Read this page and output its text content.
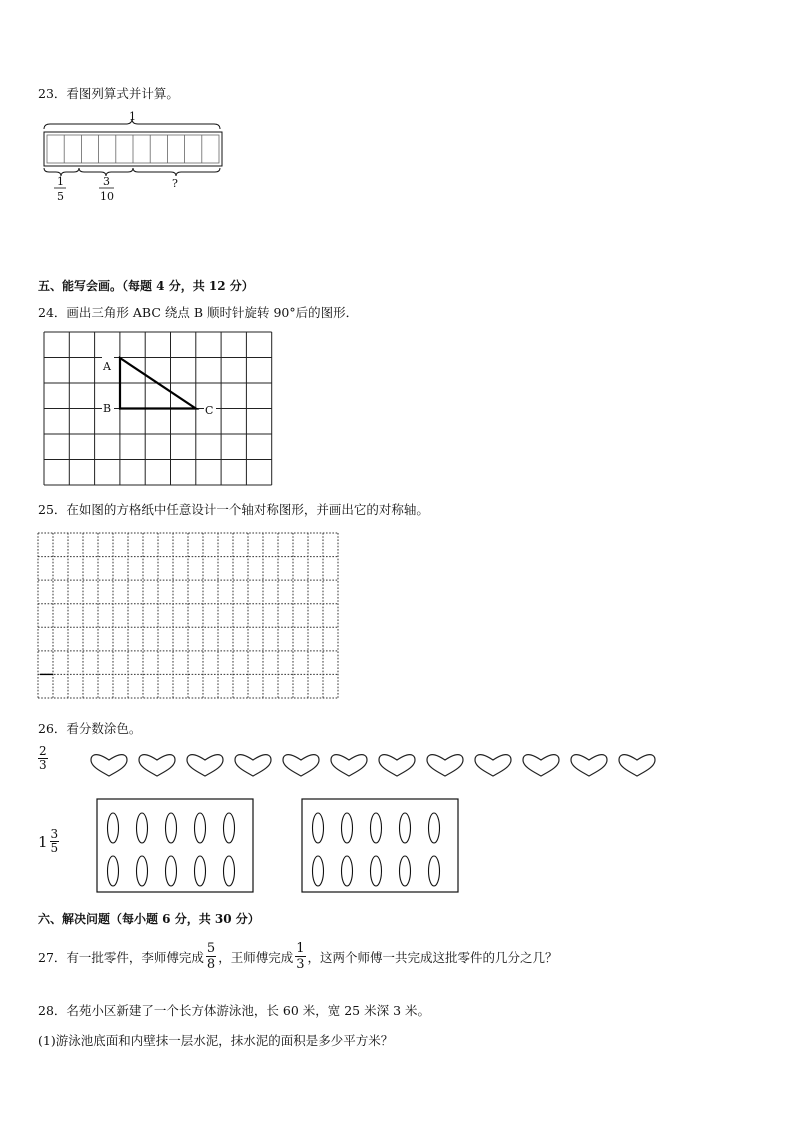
23．看图列算式并计算。
1
1
5
3
10
?
五、能写会画。（每题 4 分，共 12 分）
24．画出三角形 ABC 绕点 B 顺时针旋转 90°后的图形．
A
B	C
25．在如图的方格纸中任意设计一个轴对称图形，并画出它的对称轴。
26．看分数涂色。
$\frac{2}{3}$
$1 \frac{3}{5}$
六、解决问题（每小题 6 分，共 30 分）
27．有一批零件，李师傅完成 $\frac{5}{8}$ ，王师傅完成 $\frac{1}{3}$ ，这两个师傅一共完成这批零件的几分之几？
28．名苑小区新建了一个长方体游泳池，长 60 米，宽 25 米深 3 米。
(1)游泳池底面和内壁抹一层水泥，抹水泥的面积是多少平方米？
